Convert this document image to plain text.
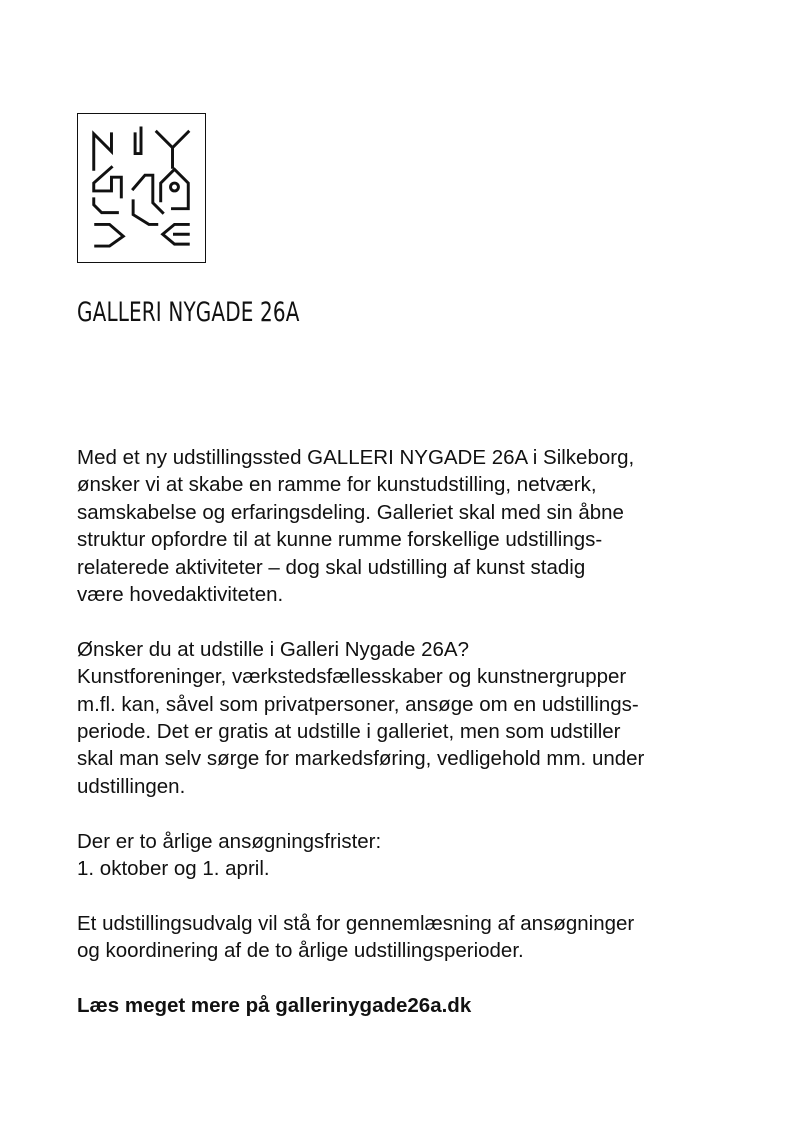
GALLERI NYGADE 26A

Med et ny udstillingssted GALLERI NYGADE 26A i Silkeborg,
ønsker vi at skabe en ramme for kunstudstilling, netværk,
samskabelse og erfaringsdeling. Galleriet skal med sin åbne
struktur opfordre til at kunne rumme forskellige udstillings-
relaterede aktiviteter – dog skal udstilling af kunst stadig
være hovedaktiviteten.

Ønsker du at udstille i Galleri Nygade 26A?
Kunstforeninger, værkstedsfællesskaber og kunstnergrupper
m.fl. kan, såvel som privatpersoner, ansøge om en udstillings-
periode. Det er gratis at udstille i galleriet, men som udstiller
skal man selv sørge for markedsføring, vedligehold mm. under
udstillingen.

Der er to årlige ansøgningsfrister:
1. oktober og 1. april.

Et udstillingsudvalg vil stå for gennemlæsning af ansøgninger
og koordinering af de to årlige udstillingsperioder.

Læs meget mere på gallerinygade26a.dk
